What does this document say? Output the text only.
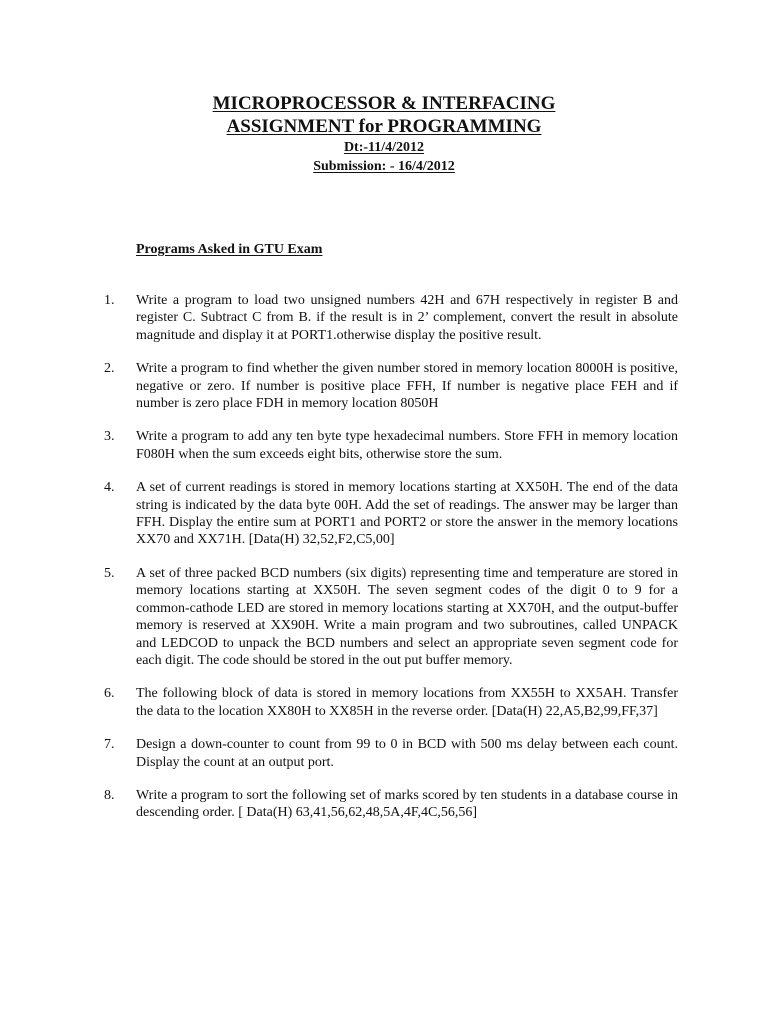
MICROPROCESSOR & INTERFACING
ASSIGNMENT for PROGRAMMING
Dt:-11/4/2012
Submission: - 16/4/2012
Programs Asked in GTU Exam
1.	Write a program to load two unsigned numbers 42H and 67H respectively in register B and register C. Subtract C from B. if the result is in 2’ complement, convert the result in absolute magnitude and display it at PORT1.otherwise display the positive result.
2.	Write a program to find whether the given number stored in memory location 8000H is positive, negative or zero. If number is positive place FFH, If number is negative place FEH and if number is zero place FDH in memory location 8050H
3.	Write a program to add any ten byte type hexadecimal numbers. Store FFH in memory location F080H when the sum exceeds eight bits, otherwise store the sum.
4.	A set of current readings is stored in memory locations starting at XX50H. The end of the data string is indicated by the data byte 00H. Add the set of readings. The answer may be larger than FFH. Display the entire sum at PORT1 and PORT2 or store the answer in the memory locations XX70 and XX71H. [Data(H) 32,52,F2,C5,00]
5.	A set of three packed BCD numbers (six digits) representing time and temperature are stored in memory locations starting at XX50H. The seven segment codes of the digit 0 to 9 for a common-cathode LED are stored in memory locations starting at XX70H, and the output-buffer memory is reserved at XX90H. Write a main program and two subroutines, called UNPACK and LEDCOD to unpack the BCD numbers and select an appropriate seven segment code for each digit. The code should be stored in the out put buffer memory.
6.	The following block of data is stored in memory locations from XX55H to XX5AH. Transfer the data to the location XX80H to XX85H in the reverse order. [Data(H) 22,A5,B2,99,FF,37]
7.	Design a down-counter to count from 99 to 0 in BCD with 500 ms delay between each count. Display the count at an output port.
8.	Write a program to sort the following set of marks scored by ten students in a database course in descending order. [ Data(H) 63,41,56,62,48,5A,4F,4C,56,56]
